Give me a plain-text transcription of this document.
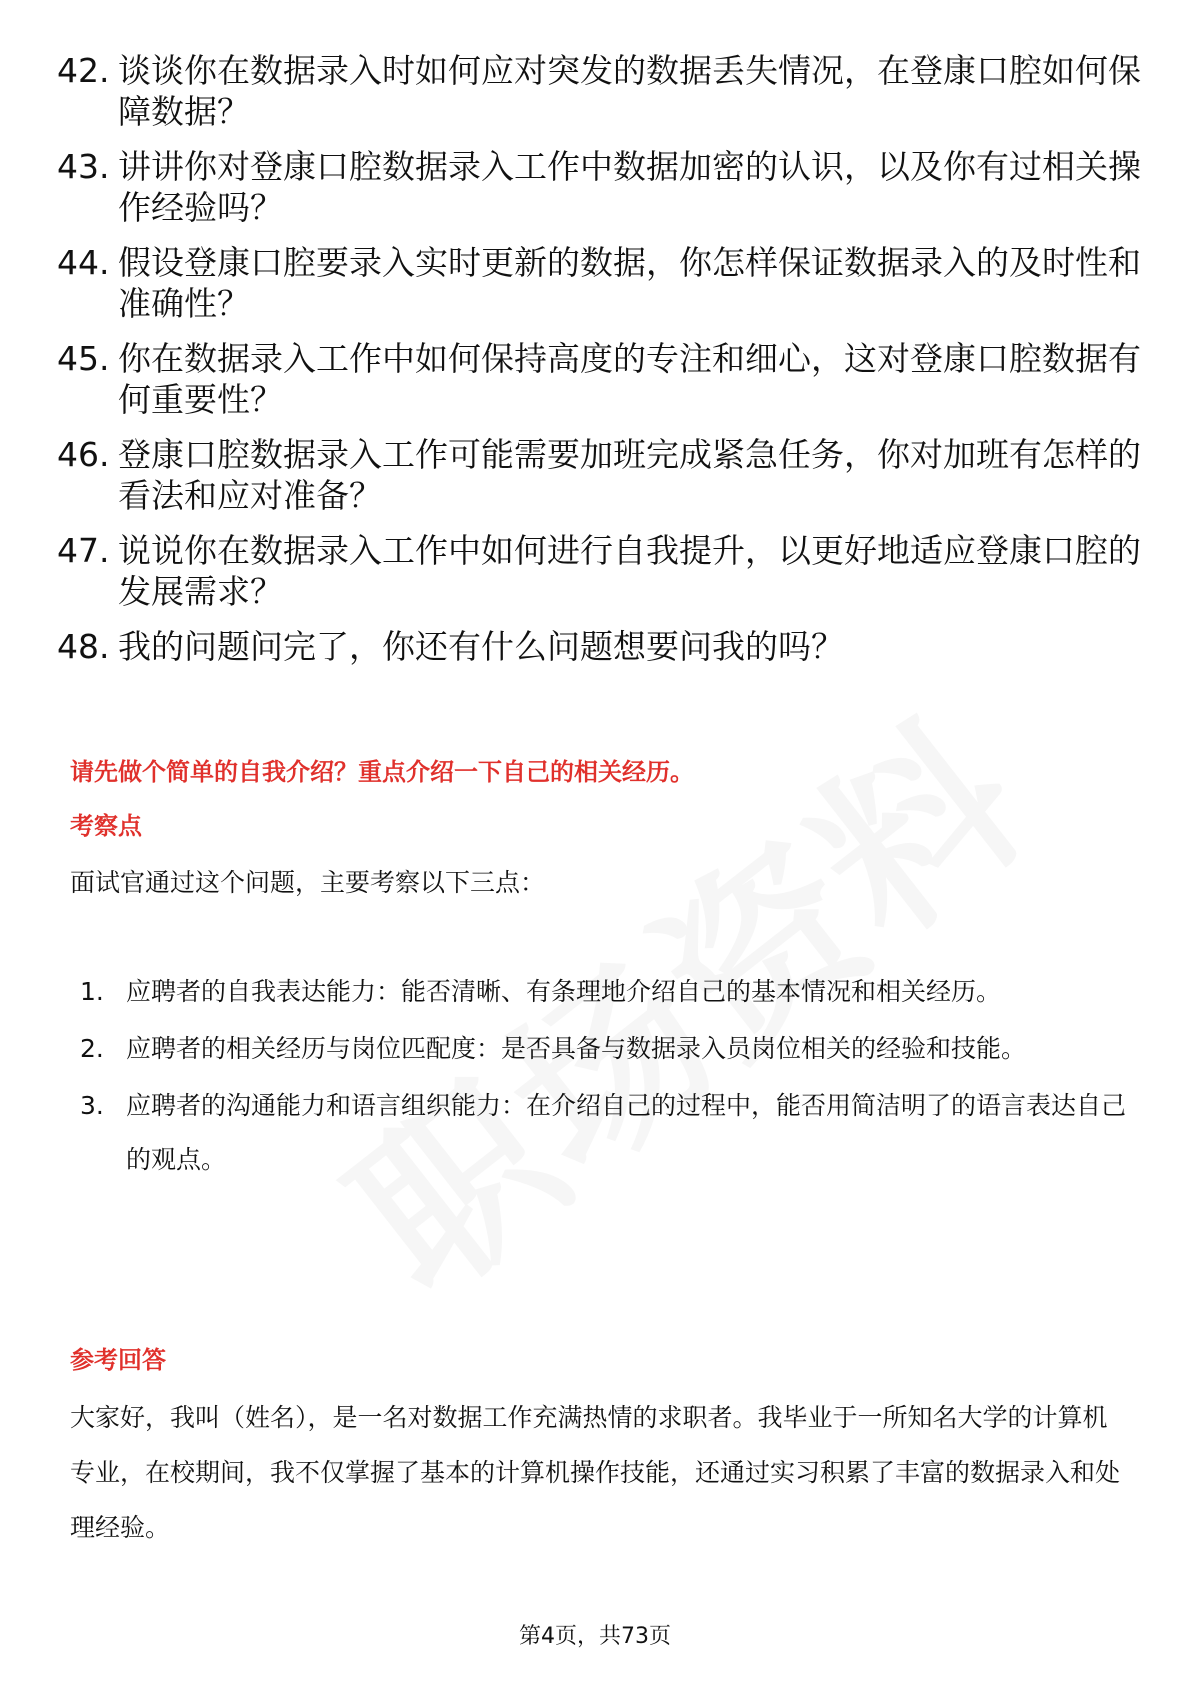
42. 谈谈你在数据录入时如何应对突发的数据丢失情况，在登康口腔如何保障数据？
43. 讲讲你对登康口腔数据录入工作中数据加密的认识，以及你有过相关操作经验吗？
44. 假设登康口腔要录入实时更新的数据，你怎样保证数据录入的及时性和准确性？
45. 你在数据录入工作中如何保持高度的专注和细心，这对登康口腔数据有何重要性？
46. 登康口腔数据录入工作可能需要加班完成紧急任务，你对加班有怎样的看法和应对准备？
47. 说说你在数据录入工作中如何进行自我提升，以更好地适应登康口腔的发展需求？
48. 我的问题问完了，你还有什么问题想要问我的吗？
请先做个简单的自我介绍？重点介绍一下自己的相关经历。
考察点
面试官通过这个问题，主要考察以下三点：
1. 应聘者的自我表达能力：能否清晰、有条理地介绍自己的基本情况和相关经历。
2. 应聘者的相关经历与岗位匹配度：是否具备与数据录入员岗位相关的经验和技能。
3. 应聘者的沟通能力和语言组织能力：在介绍自己的过程中，能否用简洁明了的语言表达自己的观点。
参考回答
大家好，我叫（姓名），是一名对数据工作充满热情的求职者。我毕业于一所知名大学的计算机专业，在校期间，我不仅掌握了基本的计算机操作技能，还通过实习积累了丰富的数据录入和处理经验。
第4页，共73页
